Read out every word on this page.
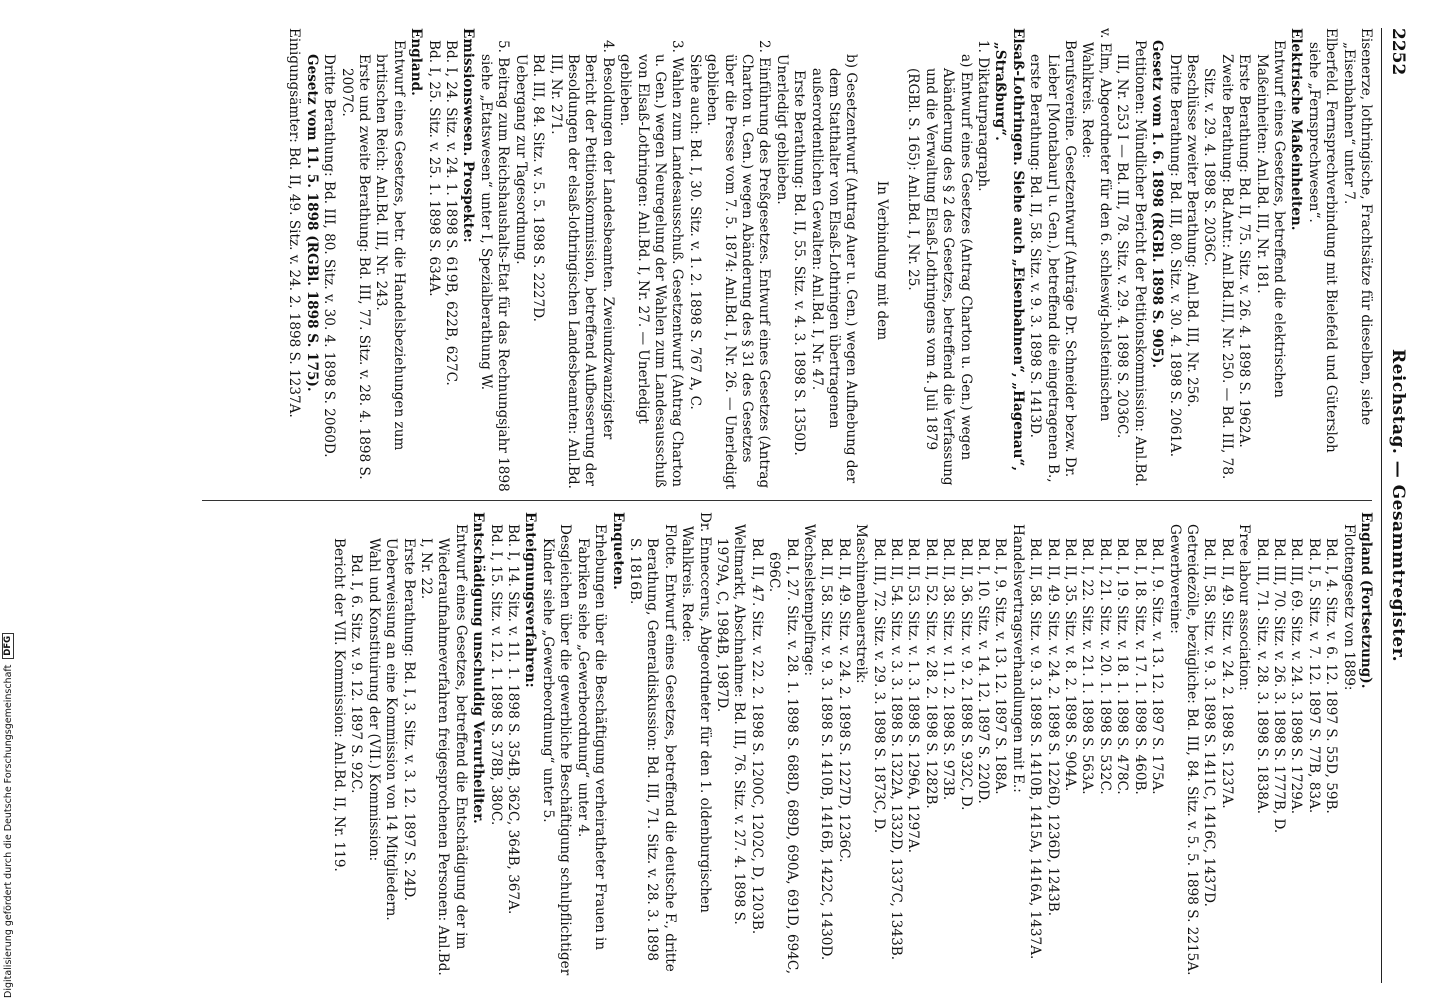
2252
Reichstag. — Gesammtregister.

Eisenerze, lothringische, Frachtsätze für dieselben, siehe „Eisenbahnen“ unter 7.

Elberfeld. Fernsprechverbindung mit Bielefeld und Gütersloh siehe „Fernsprechwesen“.

Elektrische Maßeinheiten.

Entwurf eines Gesetzes, betreffend die elektrischen Maßeinheiten: Anl.Bd. III, Nr. 181.

Erste Berathung: Bd. II, 75. Sitz. v. 26. 4. 1898 S. 1962A.

Zweite Berathung: Bd.Antr.: Anl.Bd.III, Nr. 250. — Bd. III, 78. Sitz. v. 29. 4. 1898 S. 2036C.

Beschlüsse zweiter Berathung: Anl.Bd. III, Nr. 256.

Dritte Berathung: Bd. III, 80. Sitz. v. 30. 4. 1898 S. 2061A.

Gesetz vom 1. 6. 1898 (RGBl. 1898 S. 905).

Petitionen: Mündlicher Bericht der Petitionskommission: Anl.Bd. III, Nr. 253 I — Bd. III, 78. Sitz. v. 29. 4. 1898 S. 2036C.

v. Elm, Abgeordneter für den 6. schleswig-holsteinischen Wahlkreis. Rede:

Berufsvereine. Gesetzentwurf (Anträge Dr. Schneider bezw. Dr. Lieber [Montabaur] u. Gen.), betreffend die eingetragenen B., erste Berathung: Bd. II, 58. Sitz. v. 9. 3. 1898 S. 1413D.

Elsaß-Lothringen. Siehe auch „Eisenbahnen“, „Hagenau“, „Straßburg“.

1. Diktaturparagraph.

a) Entwurf eines Gesetzes (Antrag Charton u. Gen.) wegen Abänderung des § 2 des Gesetzes, betreffend die Verfassung und die Verwaltung Elsaß-Lothringens vom 4. Juli 1879 (RGBl. S. 165): Anl.Bd. I, Nr. 25.

In Verbindung mit dem

b) Gesetzentwurf (Antrag Auer u. Gen.) wegen Aufhebung der dem Statthalter von Elsaß-Lothringen übertragenen außerordentlichen Gewalten: Anl.Bd. I, Nr. 47.

Erste Berathung: Bd. II, 55. Sitz. v. 4. 3. 1898 S. 1350D.

Unerledigt geblieben.

2. Einführung des Preßgesetzes. Entwurf eines Gesetzes (Antrag Charton u. Gen.) wegen Abänderung des § 31 des Gesetzes über die Presse vom 7. 5. 1874: Anl.Bd. I, Nr. 26. — Unerledigt geblieben.

Siehe auch: Bd. I, 30. Sitz. v. 1. 2. 1898 S. 767 A, C.

3. Wahlen zum Landesausschuß. Gesetzentwurf (Antrag Charton u. Gen.) wegen Neuregelung der Wahlen zum Landesausschuß von Elsaß-Lothringen: Anl.Bd. I, Nr. 27. — Unerledigt geblieben.

4. Besoldungen der Landesbeamten. Zweiundzwanzigster Bericht der Petitionskommission, betreffend Aufbesserung der Besoldungen der elsaß-lothringischen Landesbeamten: Anl.Bd. III, Nr. 271.

Bd. III, 84. Sitz. v. 5. 5. 1898 S. 2227D.

Uebergang zur Tagesordnung.

5. Beitrag zum Reichshaushalts-Etat für das Rechnungsjahr 1898 siehe „Etatswesen“ unter I, Spezialberathung W.

Emissionswesen. Prospekte:

Bd. I, 24. Sitz. v. 24. 1. 1898 S. 619B, 622B, 627C.

Bd. I, 25. Sitz. v. 25. 1. 1898 S. 634A.

England.

Entwurf eines Gesetzes, betr. die Handelsbeziehungen zum britischen Reich: Anl.Bd. III, Nr. 243.

Erste und zweite Berathung: Bd. III, 77. Sitz. v. 28. 4. 1898 S. 2007C.

Dritte Berathung: Bd. III, 80. Sitz. v. 30. 4. 1898 S. 2060D.

Gesetz vom 11. 5. 1898 (RGBl. 1898 S. 175).

Einigungsämter: Bd. II, 49. Sitz. v. 24. 2. 1898 S. 1237A.

England (Fortsetzung).

Flottengesetz von 1889:

Bd. I, 4. Sitz. v. 6. 12. 1897 S. 55D, 59B.

Bd. I, 5. Sitz. v. 7. 12. 1897 S. 77B, 83A.

Bd. III, 69. Sitz. v. 24. 3. 1898 S. 1729A.

Bd. III, 70. Sitz. v. 26. 3. 1898 S. 1777B, D.

Bd. III, 71. Sitz. v. 28. 3. 1898 S. 1838A.

Free labour association:

Bd. II, 49. Sitz. v. 24. 2. 1898 S. 1237A.

Bd. II, 58. Sitz. v. 9. 3. 1898 S. 1411C, 1416C, 1437D.

Getreidezölle, bezügliche: Bd. III, 84. Sitz. v. 5. 5. 1898 S. 2215A.

Gewerbvereine:

Bd. I, 9. Sitz. v. 13. 12. 1897 S. 175A.

Bd. I, 18. Sitz. v. 17. 1. 1898 S. 460B.

Bd. I, 19. Sitz. v. 18. 1. 1898 S. 478C.

Bd. I, 21. Sitz. v. 20. 1. 1898 S. 532C.

Bd. I, 22. Sitz. v. 21. 1. 1898 S. 563A.

Bd. II, 35. Sitz. v. 8. 2. 1898 S. 904A.

Bd. II, 49. Sitz. v. 24. 2. 1898 S. 1226D, 1236D, 1243B.

Bd. II, 58. Sitz. v. 9. 3. 1898 S. 1410B, 1415A, 1416A, 1437A.

Handelsvertragsverhandlungen mit E.:

Bd. I, 9. Sitz. v. 13. 12. 1897 S. 188A.

Bd. I, 10. Sitz. v. 14. 12. 1897 S. 220D.

Bd. II, 36. Sitz. v. 9. 2. 1898 S. 932C, D.

Bd. II, 38. Sitz. v. 11. 2. 1898 S. 973B.

Bd. II, 52. Sitz. v. 28. 2. 1898 S. 1282B.

Bd. II, 53. Sitz. v. 1. 3. 1898 S. 1296A, 1297A.

Bd. II, 54. Sitz. v. 3. 3. 1898 S. 1322A, 1332D, 1337C, 1343B.

Bd. III, 72. Sitz. v. 29. 3. 1898 S. 1873C, D.

Maschinenbauerstreik:

Bd. II, 49. Sitz. v. 24. 2. 1898 S. 1227D, 1236C.

Bd. II, 58. Sitz. v. 9. 3. 1898 S. 1410B, 1416B, 1422C, 1430D.

Wechselstempelfrage:

Bd. I, 27. Sitz. v. 28. 1. 1898 S. 688D, 689D, 690A, 691D, 694C, 696C.

Bd. II, 47. Sitz. v. 22. 2. 1898 S. 1200C, 1202C, D, 1203B.

Weltmarkt, Abschnahme: Bd. III, 76. Sitz. v. 27. 4. 1898 S. 1979A, C, 1984B, 1987D.

Dr. Enneccerus, Abgeordneter für den 1. oldenburgischen Wahlkreis. Rede:

Flotte. Entwurf eines Gesetzes, betreffend die deutsche F., dritte Berathung, Generaldiskussion: Bd. III, 71. Sitz. v. 28. 3. 1898 S. 1816B.

Enqueten.

Erhebungen über die Beschäftigung verheiratheter Frauen in Fabriken siehe „Gewerbeordnung“ unter 4.

Desgleichen über die gewerbliche Beschäftigung schulpflichtiger Kinder siehe „Gewerbeordnung“ unter 5.

Enteignungsverfahren:

Bd. I, 14. Sitz. v. 11. 1. 1898 S. 354B, 362C, 364B, 367A.

Bd. I, 15. Sitz. v. 12. 1. 1898 S. 378B, 380C.

Entschädigung unschuldig Verurtheilter.

Entwurf eines Gesetzes, betreffend die Entschädigung der im Wiederaufnahmeverfahren freigesprochenen Personen: Anl.Bd. I, Nr. 22.

Erste Berathung: Bd. I, 3. Sitz. v. 3. 12. 1897 S. 24D.

Ueberweisung an eine Kommission von 14 Mitgliedern.

Wahl und Konstituirung der (VII.) Kommission:

Bd. I, 6. Sitz. v. 9. 12. 1897 S. 92C.

Bericht der VII. Kommission: Anl.Bd. II, Nr. 119.

Digitalisierung gefördert durch die Deutsche Forschungsgemeinschaft
DFG
